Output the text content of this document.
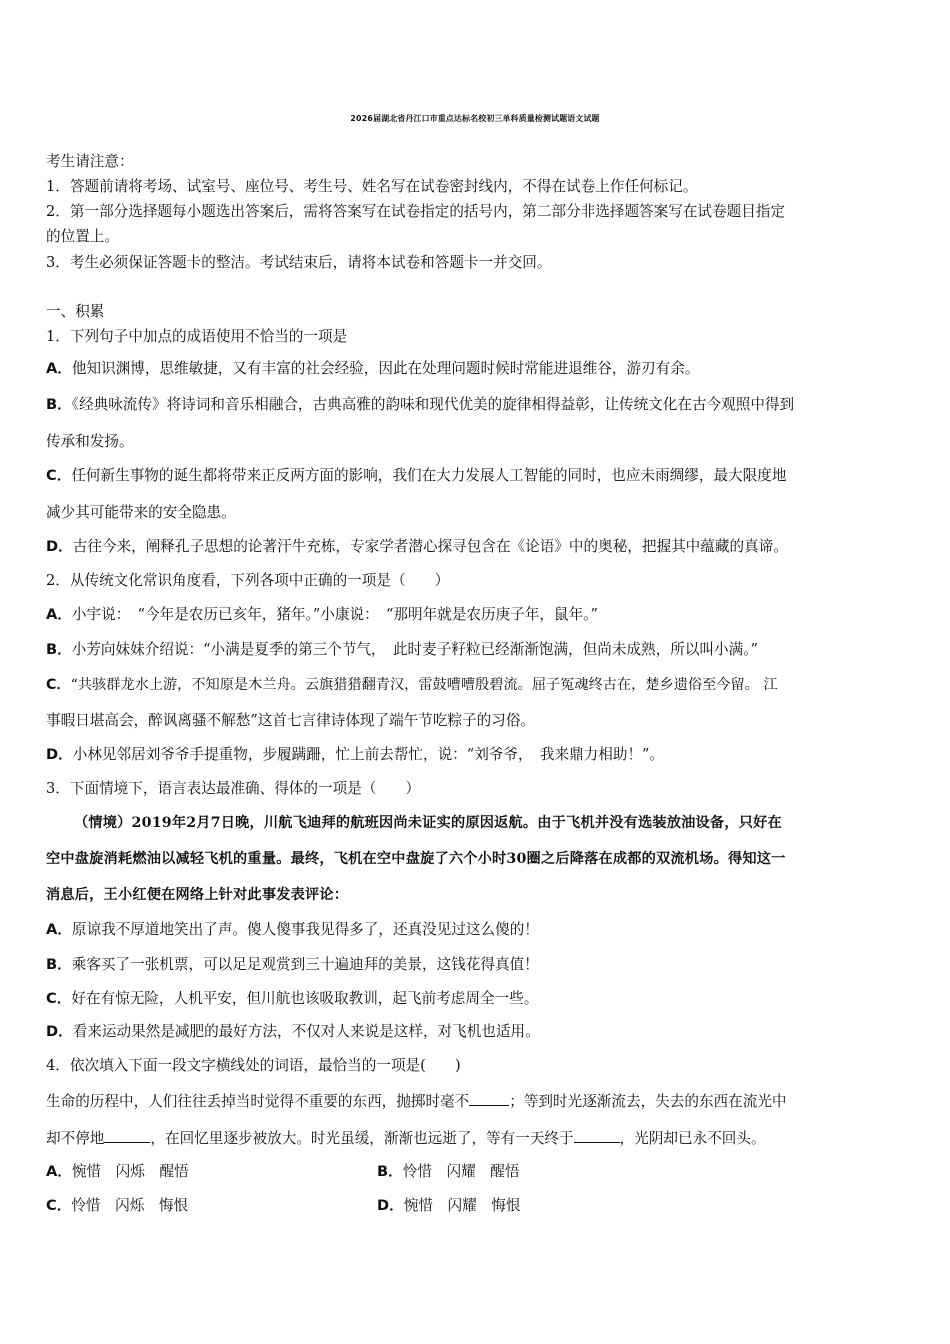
2026届湖北省丹江口市重点达标名校初三单科质量检测试题语文试题
考生请注意：
1．答题前请将考场、试室号、座位号、考生号、姓名写在试卷密封线内，不得在试卷上作任何标记。
2．第一部分选择题每小题选出答案后，需将答案写在试卷指定的括号内，第二部分非选择题答案写在试卷题目指定
的位置上。
3．考生必须保证答题卡的整洁。考试结束后，请将本试卷和答题卡一并交回。
一、积累
1．下列句子中加点的成语使用不恰当的一项是
A．他知识渊博，思维敏捷，又有丰富的社会经验，因此在处理问题时候时常能进退维谷，游刃有余。
B．《经典咏流传》将诗词和音乐相融合，古典高雅的韵味和现代优美的旋律相得益彰，让传统文化在古今观照中得到
传承和发扬。
C．任何新生事物的诞生都将带来正反两方面的影响，我们在大力发展人工智能的同时，也应未雨绸缪，最大限度地
减少其可能带来的安全隐患。
D．古往今来，阐释孔子思想的论著汗牛充栋，专家学者潜心探寻包含在《论语》中的奥秘，把握其中蕴藏的真谛。
2．从传统文化常识角度看，下列各项中正确的一项是（　　）
A．小宇说：　“今年是农历已亥年，猪年。”小康说：　“那明年就是农历庚子年，鼠年。”
B．小芳向妹妹介绍说：“小满是夏季的第三个节气，　此时麦子籽粒已经渐渐饱满，但尚未成熟，所以叫小满。”
C．“共骇群龙水上游，不知原是木兰舟。云旗猎猎翻青汉，雷鼓嘈嘈殷碧流。屈子冤魂终古在，楚乡遗俗至今留。 江
事暇日堪高会，醉讽离骚不解愁”这首七言律诗体现了端午节吃粽子的习俗。
D．小林见邻居刘爷爷手提重物，步履蹒跚，忙上前去帮忙，说：“刘爷爷，　我来鼎力相助！”。
3．下面情境下，语言表达最准确、得体的一项是（　　）
（情境）2019年2月7日晚，川航飞迪拜的航班因尚未证实的原因返航。由于飞机并没有选装放油设备，只好在
空中盘旋消耗燃油以减轻飞机的重量。最终，飞机在空中盘旋了六个小时30圈之后降落在成都的双流机场。得知这一
消息后，王小红便在网络上针对此事发表评论：
A．原谅我不厚道地笑出了声。傻人傻事我见得多了，还真没见过这么傻的！
B．乘客买了一张机票，可以足足观赏到三十遍迪拜的美景，这钱花得真值！
C．好在有惊无险，人机平安，但川航也该吸取教训，起飞前考虑周全一些。
D．看来运动果然是减肥的最好方法，不仅对人来说是这样，对飞机也适用。
4．依次填入下面一段文字横线处的词语，最恰当的一项是(　　)
生命的历程中，人们往往丢掉当时觉得不重要的东西，抛掷时毫不	；等到时光逐渐流去，失去的东西在流光中
却不停地	，在回忆里逐步被放大。时光虽缓，渐渐也远逝了，等有一天终于	，光阴却已永不回头。
A．惋惜　闪烁　醒悟	B．怜惜　闪耀　醒悟
C．怜惜　闪烁　悔恨	D．惋惜　闪耀　悔恨
